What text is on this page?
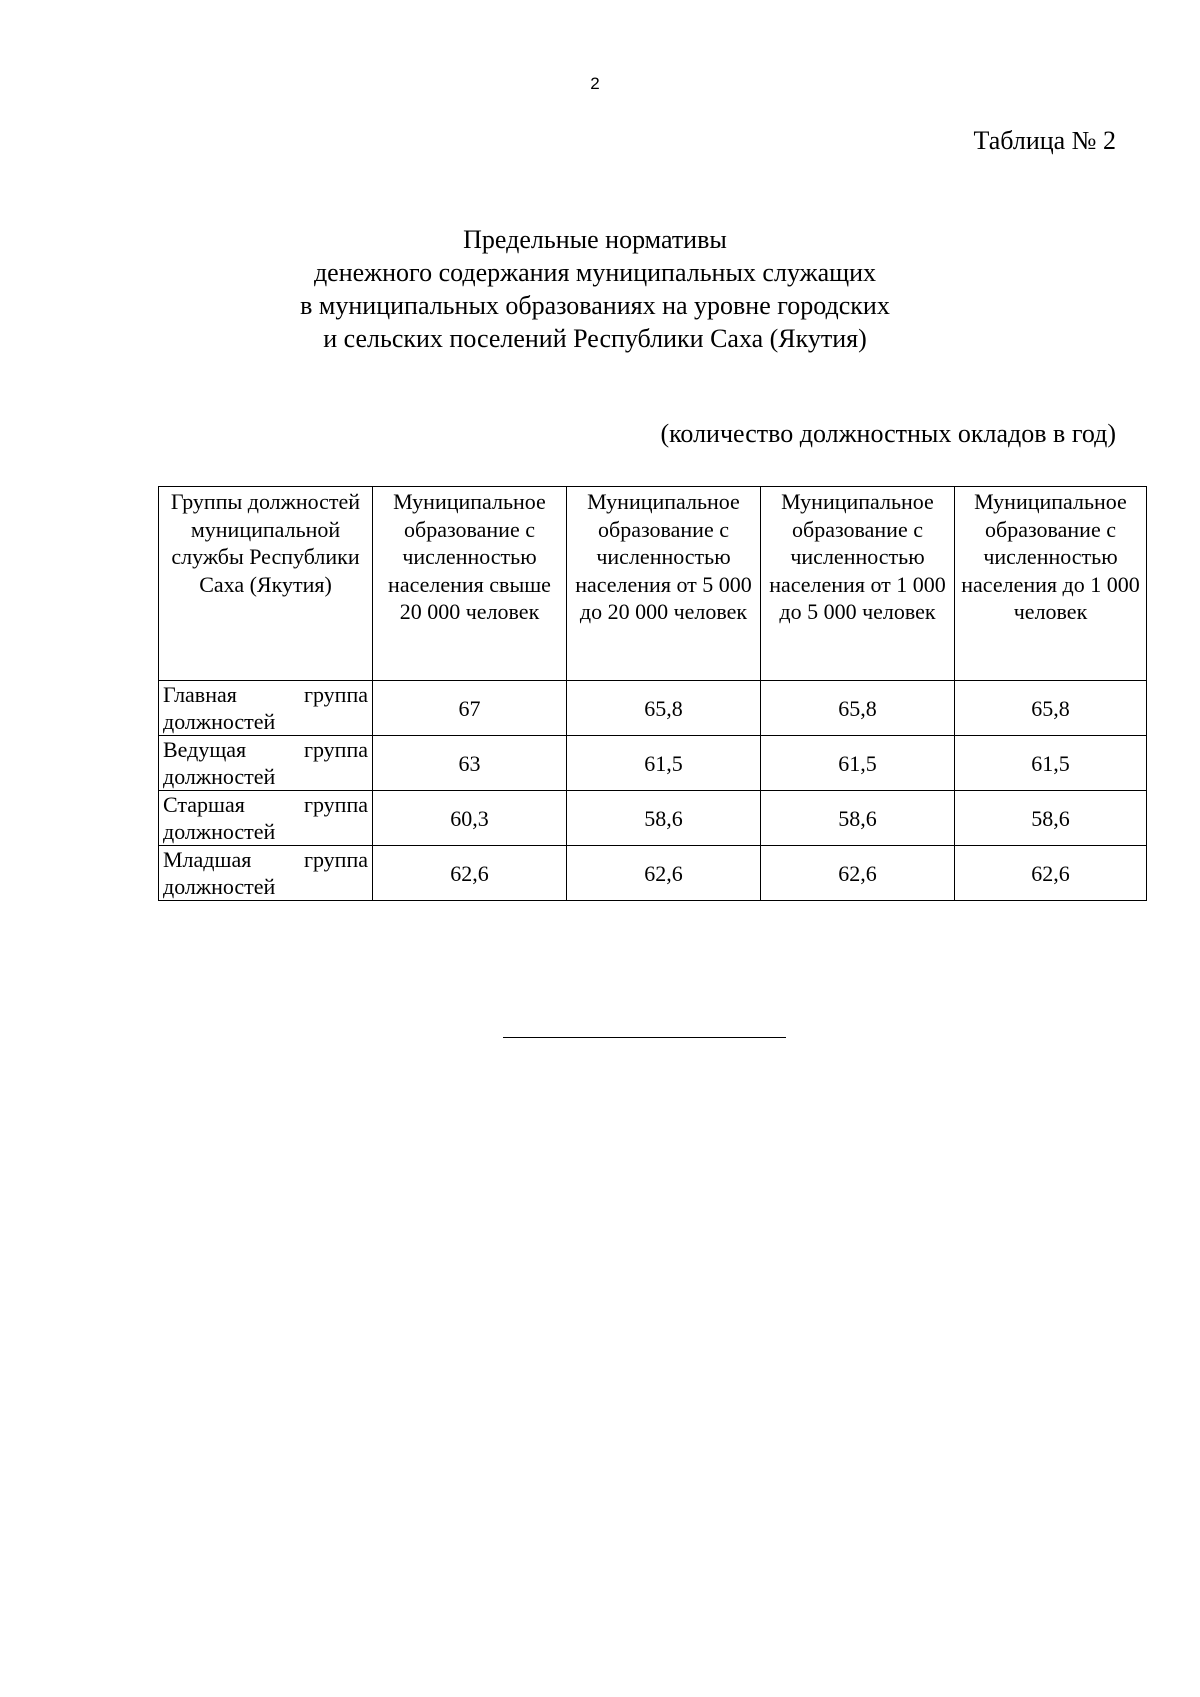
2
Таблица № 2
Предельные нормативы
денежного содержания муниципальных служащих
в муниципальных образованиях на уровне городских
и сельских поселений Республики Саха (Якутия)
(количество должностных окладов в год)
Группы должностей муниципальной службы Республики Саха (Якутия)	Муниципальное образование с численностью населения свыше 20 000 человек	Муниципальное образование с численностью населения от 5 000 до 20 000 человек	Муниципальное образование с численностью населения от 1 000 до 5 000 человек	Муниципальное образование с численностью населения до 1 000 человек
Главная группа должностей	67	65,8	65,8	65,8
Ведущая группа должностей	63	61,5	61,5	61,5
Старшая группа должностей	60,3	58,6	58,6	58,6
Младшая группа должностей	62,6	62,6	62,6	62,6
